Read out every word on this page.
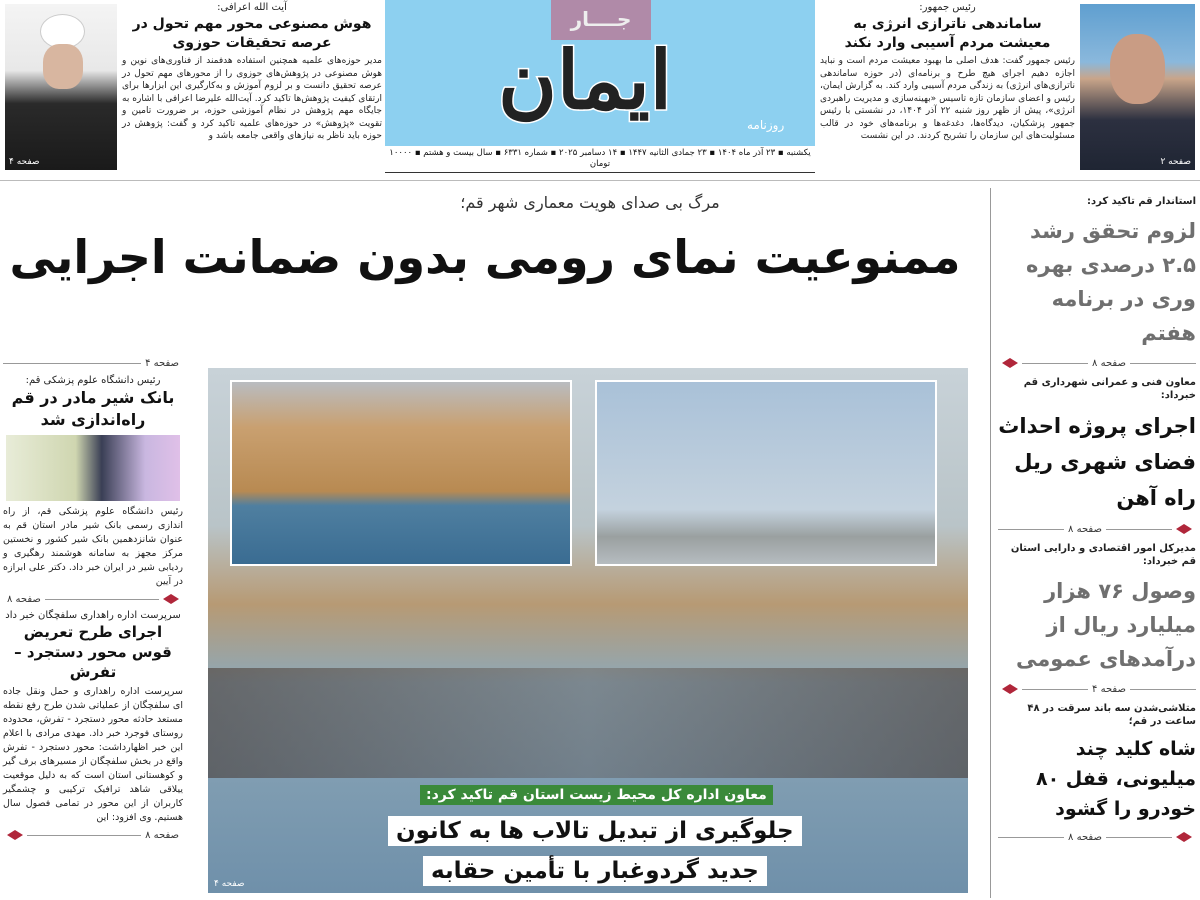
صفحه ۲
رئیس جمهور:
ساماندهی ناترازی انرژی به معیشت مردم آسیبی وارد نکند
رئیس جمهور گفت: هدف اصلی ما بهبود معیشت مردم است و نباید اجازه دهیم اجرای هیچ طرح و برنامه‌ای (در حوزه ساماندهی ناترازی‌های انرژی) به زندگی مردم آسیبی وارد کند. به گزارش ایمان، رئیس و اعضای سازمان تازه تاسیس «بهینه‌سازی و مدیریت راهبردی انرژی»، پیش از ظهر روز شنبه ۲۲ آذر ۱۴۰۴، در نشستی با رئیس جمهور پزشکیان، دیدگاه‌ها، دغدغه‌ها و برنامه‌های خود در قالب مسئولیت‌های این سازمان را تشریح کردند. در این نشست
جــــار
ایمان	روزنامه
یکشنبه ▪ ۲۳ آذر ماه ۱۴۰۴ ▪ ۲۳ جمادی الثانیه ۱۴۴۷ ▪ ۱۴ دسامبر ۲۰۲۵ ▪ شماره ۶۳۳۱ ▪ سال بیست و هشتم ▪ ۱۰۰۰۰ تومان
آیت الله اعرافی:
هوش مصنوعی محور مهم تحول در عرصه تحقیقات حوزوی
مدیر حوزه‌های علمیه همچنین استفاده هدفمند از فناوری‌های نوین و هوش مصنوعی در پژوهش‌های حوزوی را از محورهای مهم تحول در عرصه تحقیق دانست و بر لزوم آموزش و به‌کارگیری این ابزارها برای ارتقای کیفیت پژوهش‌ها تاکید کرد. آیت‌الله علیرضا اعرافی با اشاره به جایگاه مهم پژوهش در نظام آموزشی حوزه، بر ضرورت تامین و تقویت «پژوهش» در حوزه‌های علمیه تاکید کرد و گفت: پژوهش در حوزه باید ناظر به نیازهای واقعی جامعه باشد و
صفحه ۴
مرگ بی صدای هویت معماری شهر قم؛
ممنوعیت نمای رومی بدون ضمانت اجرایی
معاون اداره کل محیط زیست استان قم تاکید کرد:
جلوگیری از تبدیل تالاب ها به کانون
جدید گردوغبار با تأمین حقابه
صفحه ۴
صفحه ۴
رئیس دانشگاه علوم پزشکی قم:
بانک شیر مادر در قم راه‌اندازی شد
رئیس دانشگاه علوم پزشکی قم، از راه اندازی رسمی بانک شیر مادر استان قم به عنوان شانزدهمین بانک شیر کشور و نخستین مرکز مجهز به سامانه هوشمند رهگیری و ردیابی شیر در ایران خبر داد. دکتر علی ابرازه در آیین
صفحه ۸
سرپرست اداره راهداری سلفچگان خبر داد
اجرای طرح تعریض قوس محور دستجرد – تفرش
سرپرست اداره راهداری و حمل ونقل جاده ای سلفچگان از عملیاتی شدن طرح رفع نقطه مستعد حادثه محور دستجرد - تفرش، محدوده روستای فوجرد خبر داد. مهدی مرادی با اعلام این خبر اظهارداشت: محور دستجرد - تفرش واقع در بخش سلفچگان از مسیرهای برف گیر و کوهستانی استان است که به دلیل موقعیت ییلاقی شاهد ترافیک ترکیبی و چشمگیر کاربران از این محور در تمامی فصول سال هستیم. وی افزود: این
صفحه ۸
استاندار قم تاکید کرد:
لزوم تحقق رشد ۲.۵ درصدی بهره وری در برنامه هفتم
صفحه ۸
معاون فنی و عمرانی شهرداری قم خبرداد:
اجرای پروژه احداث فضای شهری ریل راه آهن
صفحه ۸
مدیرکل امور اقتصادی و دارایی استان قم خبرداد:
وصول ۷۶ هزار میلیارد ریال از درآمدهای عمومی
صفحه ۴
متلاشی‌شدن سه باند سرقت در ۴۸ ساعت در قم؛
شاه کلید چند میلیونی، قفل ۸۰ خودرو را گشود
صفحه ۸
